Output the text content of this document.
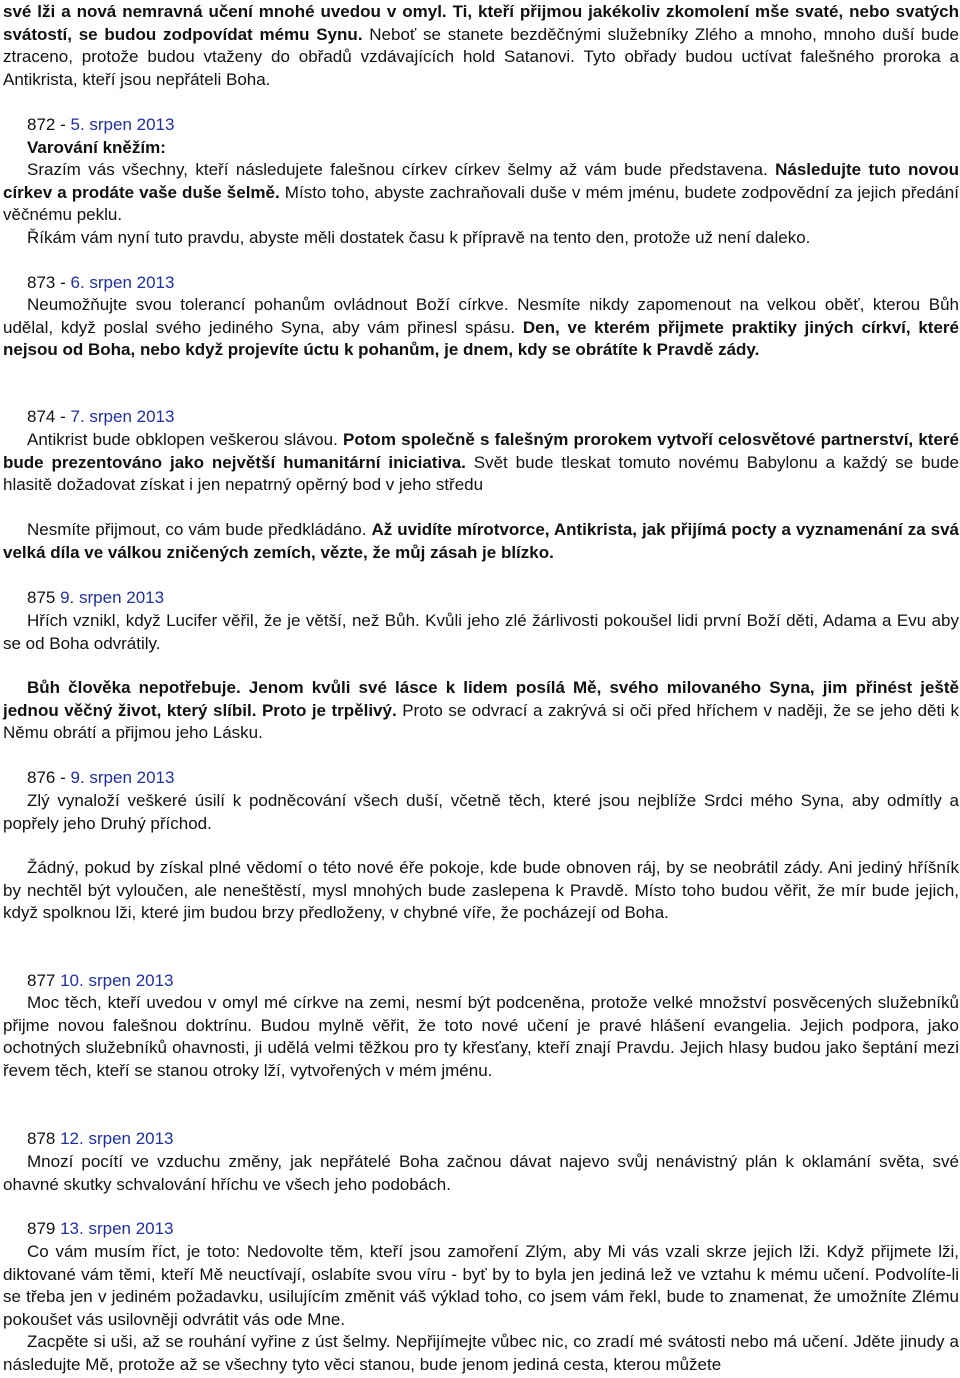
své lži a nová nemravná učení mnohé uvedou v omyl. Ti, kteří přijmou jakékoliv zkomolení mše svaté, nebo svatých svátostí, se budou zodpovídat mému Synu. Neboť se stanete bezděčnými služebníky Zlého a mnoho, mnoho duší bude ztraceno, protože budou vtaženy do obřadů vzdávajících hold Satanovi. Tyto obřady budou uctívat falešného proroka a Antikrista, kteří jsou nepřáteli Boha.

872 - 5. srpen 2013

Varování kněžím:

Srazím vás všechny, kteří následujete falešnou církev církev šelmy až vám bude představena. Následujte tuto novou církev a prodáte vaše duše šelmě. Místo toho, abyste zachraňovali duše v mém jménu, budete zodpovědní za jejich předání věčnému peklu.

Říkám vám nyní tuto pravdu, abyste měli dostatek času k přípravě na tento den, protože už není daleko.

873 - 6. srpen 2013

Neumožňujte svou tolerancí pohanům ovládnout Boží církve. Nesmíte nikdy zapomenout na velkou oběť, kterou Bůh udělal, když poslal svého jediného Syna, aby vám přinesl spásu. Den, ve kterém přijmete praktiky jiných církví, které nejsou od Boha, nebo když projevíte úctu k pohanům, je dnem, kdy se obrátíte k Pravdě zády.

874 - 7. srpen 2013

Antikrist bude obklopen veškerou slávou. Potom společně s falešným prorokem vytvoří celosvětové partnerství, které bude prezentováno jako největší humanitární iniciativa. Svět bude tleskat tomuto novému Babylonu a každý se bude hlasitě dožadovat získat i jen nepatrný opěrný bod v jeho středu

Nesmíte přijmout, co vám bude předkládáno. Až uvidíte mírotvorce, Antikrista, jak přijímá pocty a vyznamenání za svá velká díla ve válkou zničených zemích, vězte, že můj zásah je blízko.

875 9. srpen 2013

Hřích vznikl, když Lucifer věřil, že je větší, než Bůh. Kvůli jeho zlé žárlivosti pokoušel lidi první Boží děti, Adama a Evu aby se od Boha odvrátily.

Bůh člověka nepotřebuje. Jenom kvůli své lásce k lidem posílá Mě, svého milovaného Syna, jim přinést ještě jednou věčný život, který slíbil. Proto je trpělivý. Proto se odvrací a zakrývá si oči před hříchem v naději, že se jeho děti k Němu obrátí a přijmou jeho Lásku.

876 - 9. srpen 2013

Zlý vynaloží veškeré úsilí k podněcování všech duší, včetně těch, které jsou nejblíže Srdci mého Syna, aby odmítly a popřely jeho Druhý příchod.

Žádný, pokud by získal plné vědomí o této nové éře pokoje, kde bude obnoven ráj, by se neobrátil zády. Ani jediný hříšník by nechtěl být vyloučen, ale neneštěstí, mysl mnohých bude zaslepena k Pravdě. Místo toho budou věřit, že mír bude jejich, když spolknou lži, které jim budou brzy předloženy, v chybné víře, že pocházejí od Boha.

877 10. srpen 2013

Moc těch, kteří uvedou v omyl mé církve na zemi, nesmí být podceněna, protože velké množství posvěcených služebníků přijme novou falešnou doktrínu. Budou mylně věřit, že toto nové učení je pravé hlášení evangelia. Jejich podpora, jako ochotných služebníků ohavnosti, ji udělá velmi těžkou pro ty křesťany, kteří znají Pravdu. Jejich hlasy budou jako šeptání mezi řevem těch, kteří se stanou otroky lží, vytvořených v mém jménu.

878 12. srpen 2013

Mnozí pocítí ve vzduchu změny, jak nepřátelé Boha začnou dávat najevo svůj nenávistný plán k oklamání světa, své ohavné skutky schvalování hříchu ve všech jeho podobách.

879 13. srpen 2013

Co vám musím říct, je toto: Nedovolte těm, kteří jsou zamoření Zlým, aby Mi vás vzali skrze jejich lži. Když přijmete lži, diktované vám těmi, kteří Mě neuctívají, oslabíte svou víru - byť by to byla jen jediná lež ve vztahu k mému učení. Podvolíte-li se třeba jen v jediném požadavku, usilujícím změnit váš výklad toho, co jsem vám řekl, bude to znamenat, že umožníte Zlému pokoušet vás usilovněji odvrátit vás ode Mne.

Zacpěte si uši, až se rouhání vyřine z úst šelmy. Nepřijímejte vůbec nic, co zradí mé svátosti nebo má učení. Jděte jinudy a následujte Mě, protože až se všechny tyto věci stanou, bude jenom jediná cesta, kterou můžete
